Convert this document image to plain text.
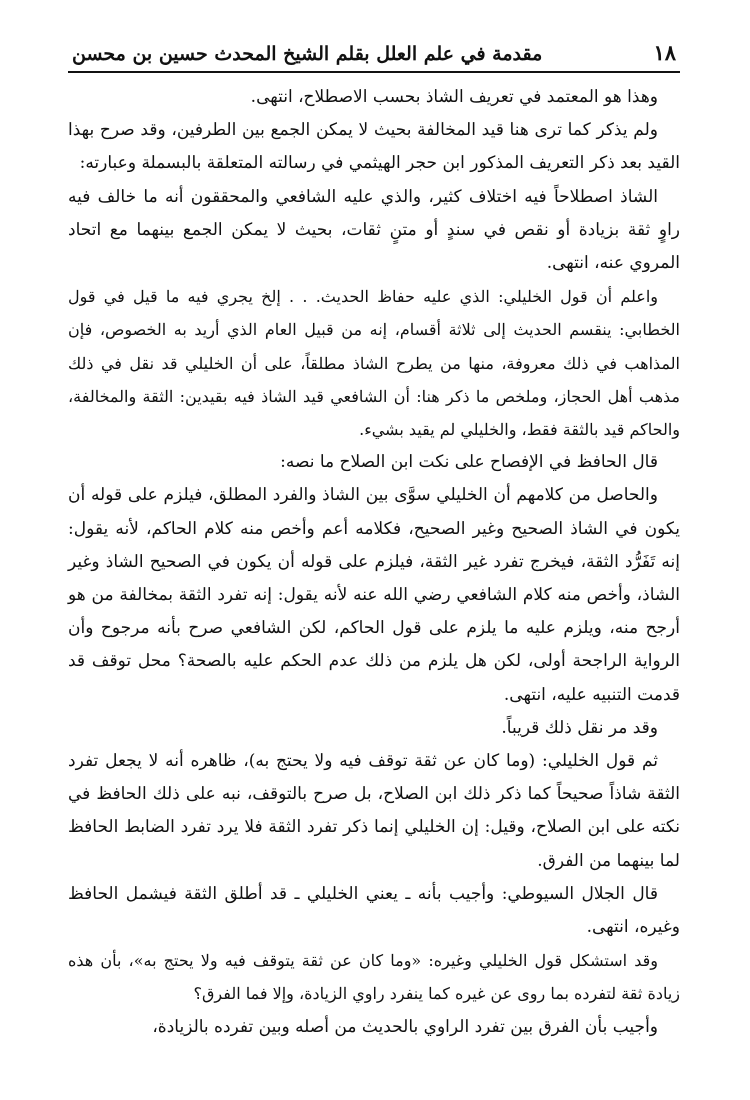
١٨
مقدمة في علم العلل بقلم الشيخ المحدث حسين بن محسن

وهذا هو المعتمد في تعريف الشاذ بحسب الاصطلاح، انتهى.

ولم يذكر كما ترى هنا قيد المخالفة بحيث لا يمكن الجمع بين الطرفين، وقد صرح بهذا القيد بعد ذكر التعريف المذكور ابن حجر الهيثمي في رسالته المتعلقة بالبسملة وعبارته:

الشاذ اصطلاحاً فيه اختلاف كثير، والذي عليه الشافعي والمحققون أنه ما خالف فيه راوٍ ثقة بزيادة أو نقص في سندٍ أو متنٍ ثقات، بحيث لا يمكن الجمع بينهما مع اتحاد المروي عنه، انتهى.

واعلم أن قول الخليلي: الذي عليه حفاظ الحديث. . . إلخ يجري فيه ما قيل في قول الخطابي: ينقسم الحديث إلى ثلاثة أقسام، إنه من قبيل العام الذي أريد به الخصوص، فإن المذاهب في ذلك معروفة، منها من يطرح الشاذ مطلقاً، على أن الخليلي قد نقل في ذلك مذهب أهل الحجاز، وملخص ما ذكر هنا: أن الشافعي قيد الشاذ فيه بقيدين: الثقة والمخالفة، والحاكم قيد بالثقة فقط، والخليلي لم يقيد بشيء.

قال الحافظ في الإفصاح على نكت ابن الصلاح ما نصه:

والحاصل من كلامهم أن الخليلي سوَّى بين الشاذ والفرد المطلق، فيلزم على قوله أن يكون في الشاذ الصحيح وغير الصحيح، فكلامه أعم وأخص منه كلام الحاكم، لأنه يقول: إنه تَفَرُّد الثقة، فيخرج تفرد غير الثقة، فيلزم على قوله أن يكون في الصحيح الشاذ وغير الشاذ، وأخص منه كلام الشافعي رضي الله عنه لأنه يقول: إنه تفرد الثقة بمخالفة من هو أرجح منه، ويلزم عليه ما يلزم على قول الحاكم، لكن الشافعي صرح بأنه مرجوح وأن الرواية الراجحة أولى، لكن هل يلزم من ذلك عدم الحكم عليه بالصحة؟ محل توقف قد قدمت التنبيه عليه، انتهى.

وقد مر نقل ذلك قريباً.

ثم قول الخليلي: (وما كان عن ثقة توقف فيه ولا يحتج به)، ظاهره أنه لا يجعل تفرد الثقة شاذاً صحيحاً كما ذكر ذلك ابن الصلاح، بل صرح بالتوقف، نبه على ذلك الحافظ في نكته على ابن الصلاح، وقيل: إن الخليلي إنما ذكر تفرد الثقة فلا يرد تفرد الضابط الحافظ لما بينهما من الفرق.

قال الجلال السيوطي: وأجيب بأنه ـ يعني الخليلي ـ قد أطلق الثقة فيشمل الحافظ وغيره، انتهى.

وقد استشكل قول الخليلي وغيره: «وما كان عن ثقة يتوقف فيه ولا يحتج به»، بأن هذه زيادة ثقة لتفرده بما روى عن غيره كما ينفرد راوي الزيادة، وإلا فما الفرق؟

وأجيب بأن الفرق بين تفرد الراوي بالحديث من أصله وبين تفرده بالزيادة،
